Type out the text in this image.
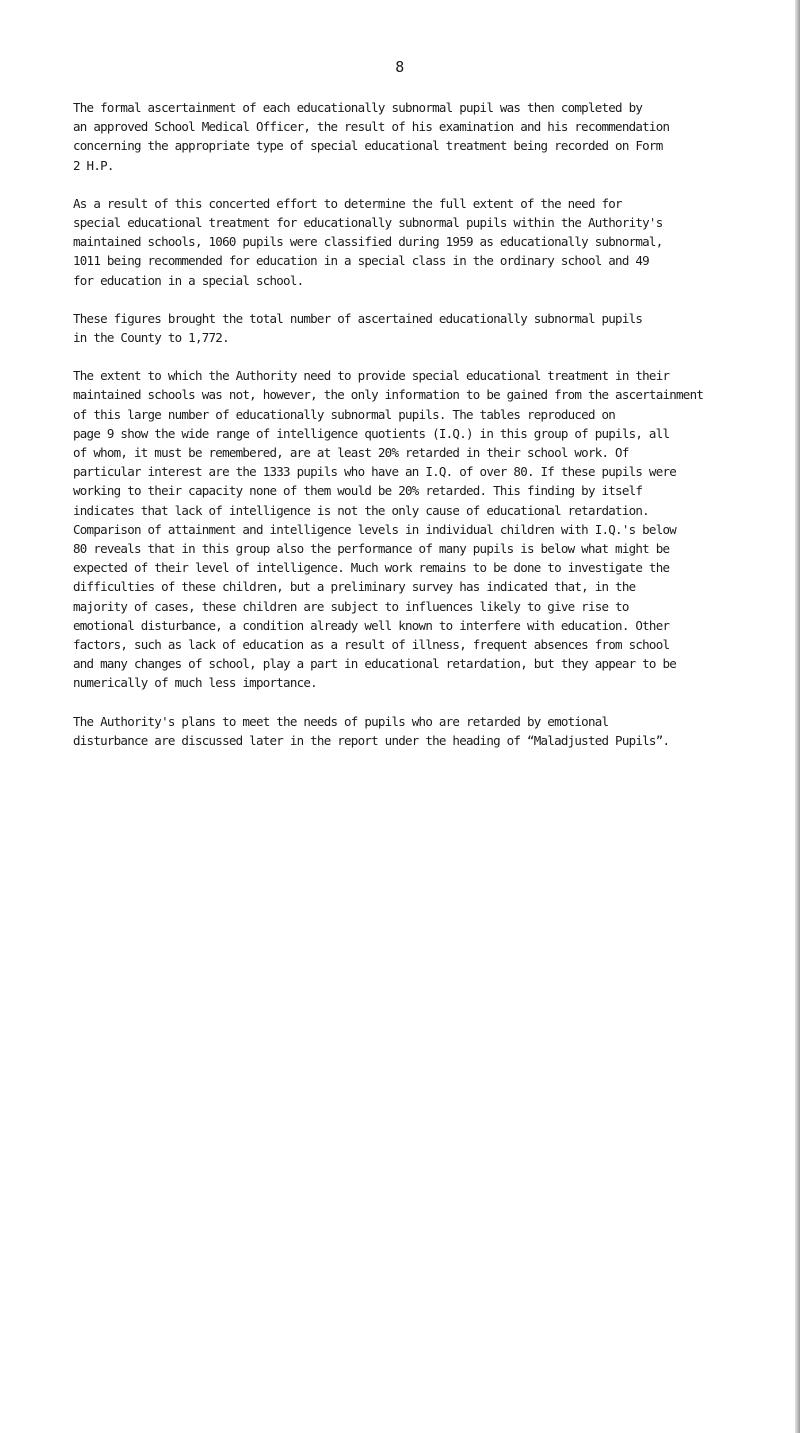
8
The formal ascertainment of each educationally subnormal pupil was then completed by
an approved School Medical Officer, the result of his examination and his recommendation
concerning the appropriate type of special educational treatment being recorded on Form
2 H.P.
As a result of this concerted effort to determine the full extent of the need for
special educational treatment for educationally subnormal pupils within the Authority's
maintained schools, 1060 pupils were classified during 1959 as educationally subnormal,
1011 being recommended for education in a special class in the ordinary school and 49
for education in a special school.
These figures brought the total number of ascertained educationally subnormal pupils
in the County to 1,772.
The extent to which the Authority need to provide special educational treatment in their
maintained schools was not, however, the only information to be gained from the ascertainment
of this large number of educationally subnormal pupils. The tables reproduced on
page 9 show the wide range of intelligence quotients (I.Q.) in this group of pupils, all
of whom, it must be remembered, are at least 20% retarded in their school work. Of
particular interest are the 1333 pupils who have an I.Q. of over 80. If these pupils were
working to their capacity none of them would be 20% retarded. This finding by itself
indicates that lack of intelligence is not the only cause of educational retardation.
Comparison of attainment and intelligence levels in individual children with I.Q.'s below
80 reveals that in this group also the performance of many pupils is below what might be
expected of their level of intelligence. Much work remains to be done to investigate the
difficulties of these children, but a preliminary survey has indicated that, in the
majority of cases, these children are subject to influences likely to give rise to
emotional disturbance, a condition already well known to interfere with education. Other
factors, such as lack of education as a result of illness, frequent absences from school
and many changes of school, play a part in educational retardation, but they appear to be
numerically of much less importance.
The Authority's plans to meet the needs of pupils who are retarded by emotional
disturbance are discussed later in the report under the heading of “Maladjusted Pupils”.
